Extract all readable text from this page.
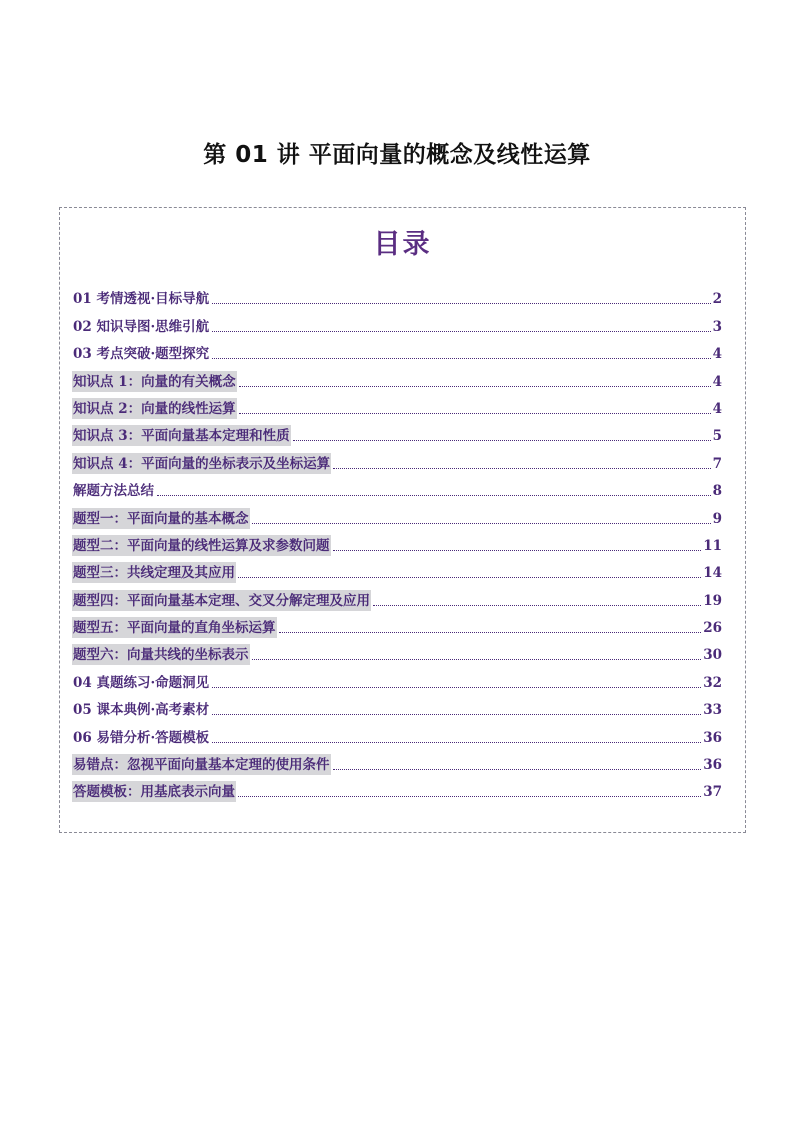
第 01 讲 平面向量的概念及线性运算
目录
01 考情透视·目标导航	2
02 知识导图·思维引航	3
03 考点突破·题型探究	4
知识点 1：向量的有关概念	4
知识点 2：向量的线性运算	4
知识点 3：平面向量基本定理和性质	5
知识点 4：平面向量的坐标表示及坐标运算	7
解题方法总结	8
题型一：平面向量的基本概念	9
题型二：平面向量的线性运算及求参数问题	11
题型三：共线定理及其应用	14
题型四：平面向量基本定理、交叉分解定理及应用	19
题型五：平面向量的直角坐标运算	26
题型六：向量共线的坐标表示	30
04 真题练习·命题洞见	32
05 课本典例·高考素材	33
06 易错分析·答题模板	36
易错点：忽视平面向量基本定理的使用条件	36
答题模板：用基底表示向量	37
